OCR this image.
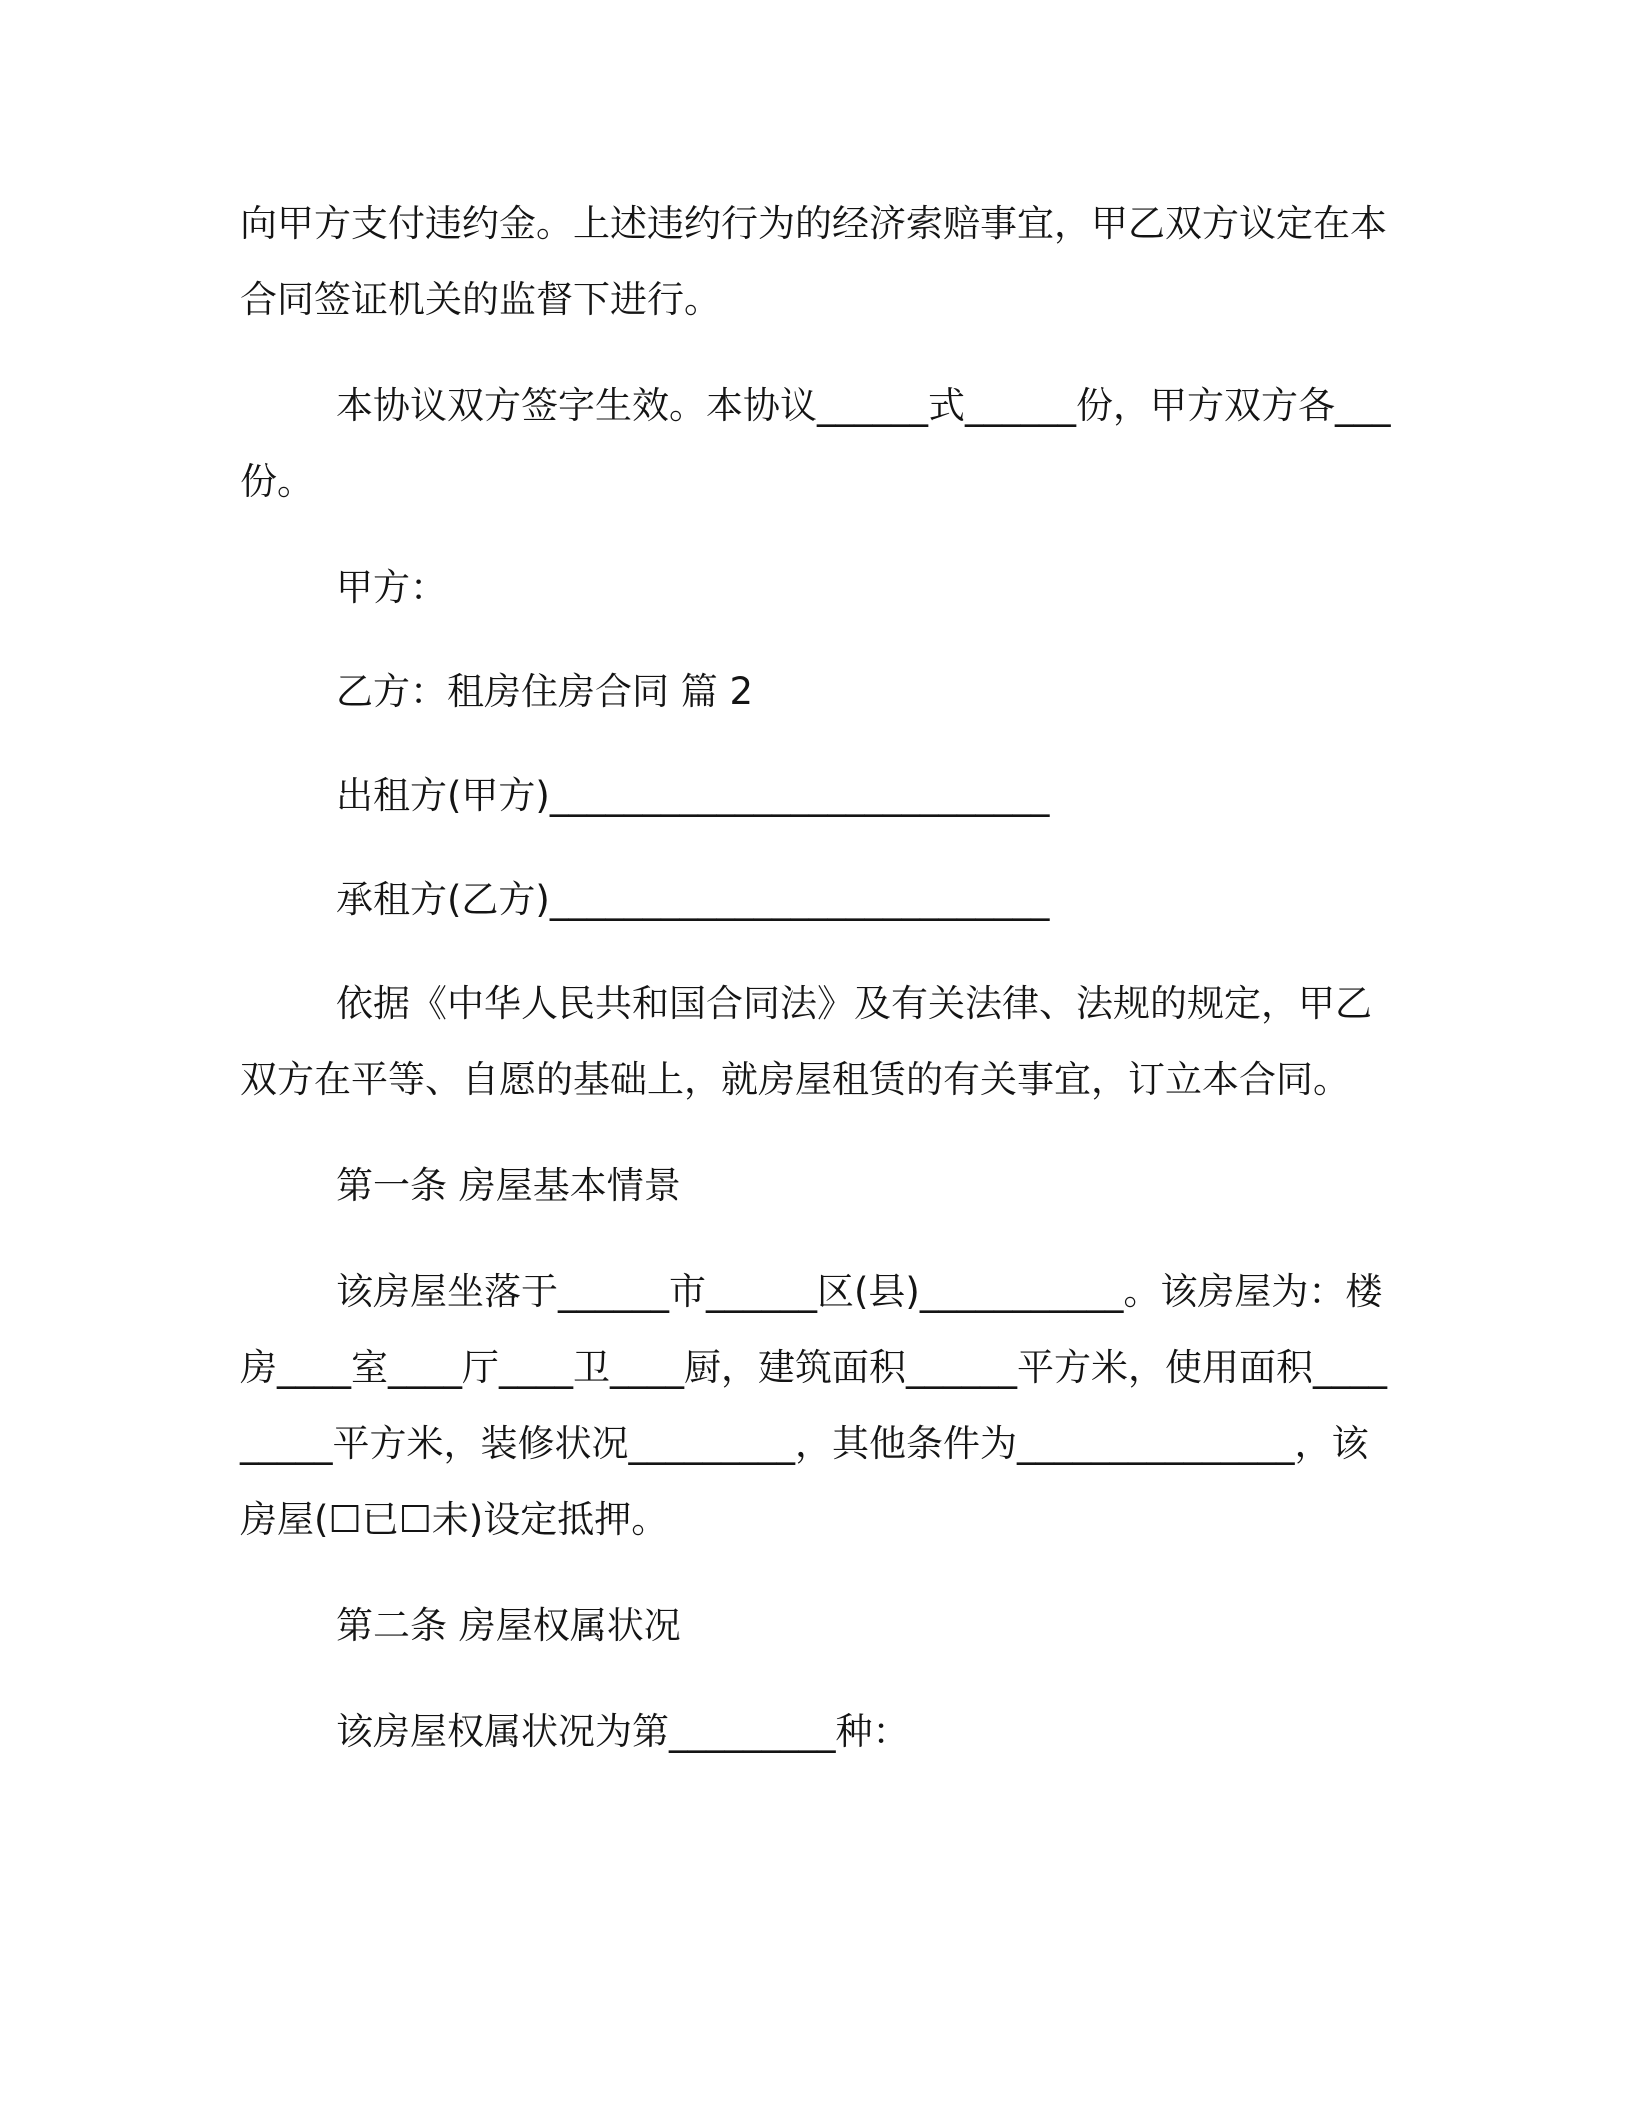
向甲方支付违约金。上述违约行为的经济索赔事宜，甲乙双方议定在本合同签证机关的监督下进行。

本协议双方签字生效。本协议______式______份，甲方双方各___份。

甲方：

乙方：租房住房合同 篇 2

出租方(甲方)___________________________

承租方(乙方)___________________________

依据《中华人民共和国合同法》及有关法律、法规的规定，甲乙双方在平等、自愿的基础上，就房屋租赁的有关事宜，订立本合同。

第一条 房屋基本情景

该房屋坐落于______市______区(县)___________。该房屋为：楼房____室____厅____卫____厨，建筑面积______平方米，使用面积_________平方米，装修状况_________，其他条件为_______________，该房屋(☐已☐未)设定抵押。

第二条 房屋权属状况

该房屋权属状况为第_________种：
